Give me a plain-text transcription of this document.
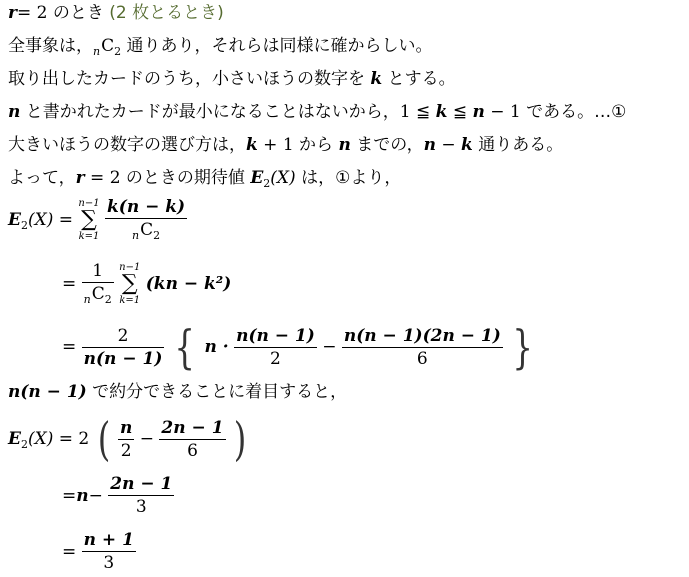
r= 2 のとき (2 枚とるとき)
全事象は，$_nC_2$ 通りあり，それらは同様に確からしい。
取り出したカードのうち，小さいほうの数字を k とする。
n と書かれたカードが最小になることはないから，1 ≦ k ≦ n − 1 である。…①
大きいほうの数字の選び方は，k + 1 から n までの，n − k 通りある。
よって，r = 2 のときの期待値 $E_2(X)$ は，①より，
$E_2(X)$ =
n−1
∑
k=1
$\frac{k(n - k)}{_nC_2}$
= $\frac{1}{_nC_2}$
n−1
∑
k=1
(kn − k²)
= $\frac{2}{n(n - 1)}$ { $n \cdot \frac{n(n - 1)}{2} - \frac{n(n - 1)(2n - 1)}{6}$ }
n(n − 1) で約分できることに着目すると，
$E_2(X) = 2$ ( $\frac{n}{2} - \frac{2n - 1}{6}$ )
$=n- \frac{2n - 1}{3}$
= $\frac{n + 1}{3}$
